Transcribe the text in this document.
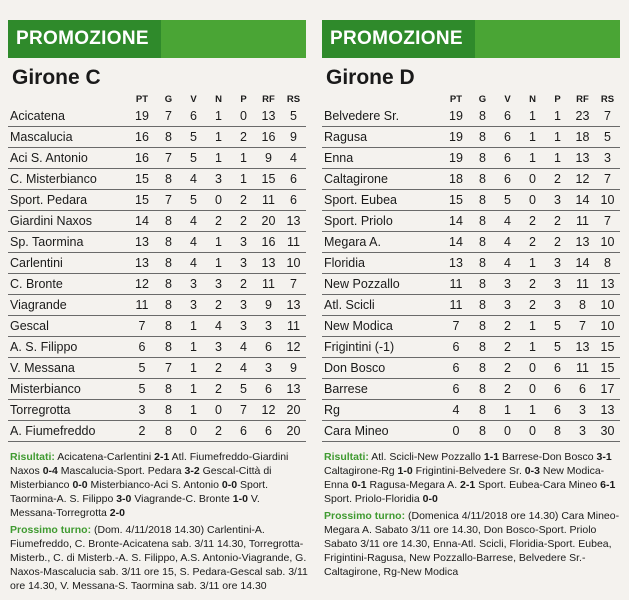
PROMOZIONE
Girone C
	PT	G	V	N	P	RF	RS
Acicatena	19	7	6	1	0	13	5
Mascalucia	16	8	5	1	2	16	9
Aci S. Antonio	16	7	5	1	1	9	4
C. Misterbianco	15	8	4	3	1	15	6
Sport. Pedara	15	7	5	0	2	11	6
Giardini Naxos	14	8	4	2	2	20	13
Sp. Taormina	13	8	4	1	3	16	11
Carlentini	13	8	4	1	3	13	10
C. Bronte	12	8	3	3	2	11	7
Viagrande	11	8	3	2	3	9	13
Gescal	7	8	1	4	3	3	11
A. S. Filippo	6	8	1	3	4	6	12
V. Messana	5	7	1	2	4	3	9
Misterbianco	5	8	1	2	5	6	13
Torregrotta	3	8	1	0	7	12	20
A. Fiumefreddo	2	8	0	2	6	6	20

Risultati: Acicatena-Carlentini 2-1 Atl. Fiumefreddo-Giardini Naxos 0-4 Mascalucia-Sport. Pedara 3-2 Gescal-Città di Misterbianco 0-0 Misterbianco-Aci S. Antonio 0-0 Sport. Taormina-A. S. Filippo 3-0 Viagrande-C. Bronte 1-0 V. Messana-Torregrotta 2-0

Prossimo turno: (Dom. 4/11/2018 14.30) Carlentini-A. Fiumefreddo, C. Bronte-Acicatena sab. 3/11 14.30, Torregrotta-Misterb., C. di Misterb.-A. S. Filippo, A.S. Antonio-Viagrande, G. Naxos-Mascalucia sab. 3/11 ore 15, S. Pedara-Gescal sab. 3/11 ore 14.30, V. Messana-S. Taormina sab. 3/11 ore 14.30

PROMOZIONE
Girone D
	PT	G	V	N	P	RF	RS
Belvedere Sr.	19	8	6	1	1	23	7
Ragusa	19	8	6	1	1	18	5
Enna	19	8	6	1	1	13	3
Caltagirone	18	8	6	0	2	12	7
Sport. Eubea	15	8	5	0	3	14	10
Sport. Priolo	14	8	4	2	2	11	7
Megara A.	14	8	4	2	2	13	10
Floridia	13	8	4	1	3	14	8
New Pozzallo	11	8	3	2	3	11	13
Atl. Scicli	11	8	3	2	3	8	10
New Modica	7	8	2	1	5	7	10
Frigintini (-1)	6	8	2	1	5	13	15
Don Bosco	6	8	2	0	6	11	15
Barrese	6	8	2	0	6	6	17
Rg	4	8	1	1	6	3	13
Cara Mineo	0	8	0	0	8	3	30

Risultati: Atl. Scicli-New Pozzallo 1-1 Barrese-Don Bosco 3-1 Caltagirone-Rg 1-0 Frigintini-Belvedere Sr. 0-3 New Modica-Enna 0-1 Ragusa-Megara A. 2-1 Sport. Eubea-Cara Mineo 6-1 Sport. Priolo-Floridia 0-0

Prossimo turno: (Domenica 4/11/2018 ore 14.30) Cara Mineo-Megara A. Sabato 3/11 ore 14.30, Don Bosco-Sport. Priolo Sabato 3/11 ore 14.30, Enna-Atl. Scicli, Floridia-Sport. Eubea, Frigintini-Ragusa, New Pozzallo-Barrese, Belvedere Sr.-Caltagirone, Rg-New Modica
